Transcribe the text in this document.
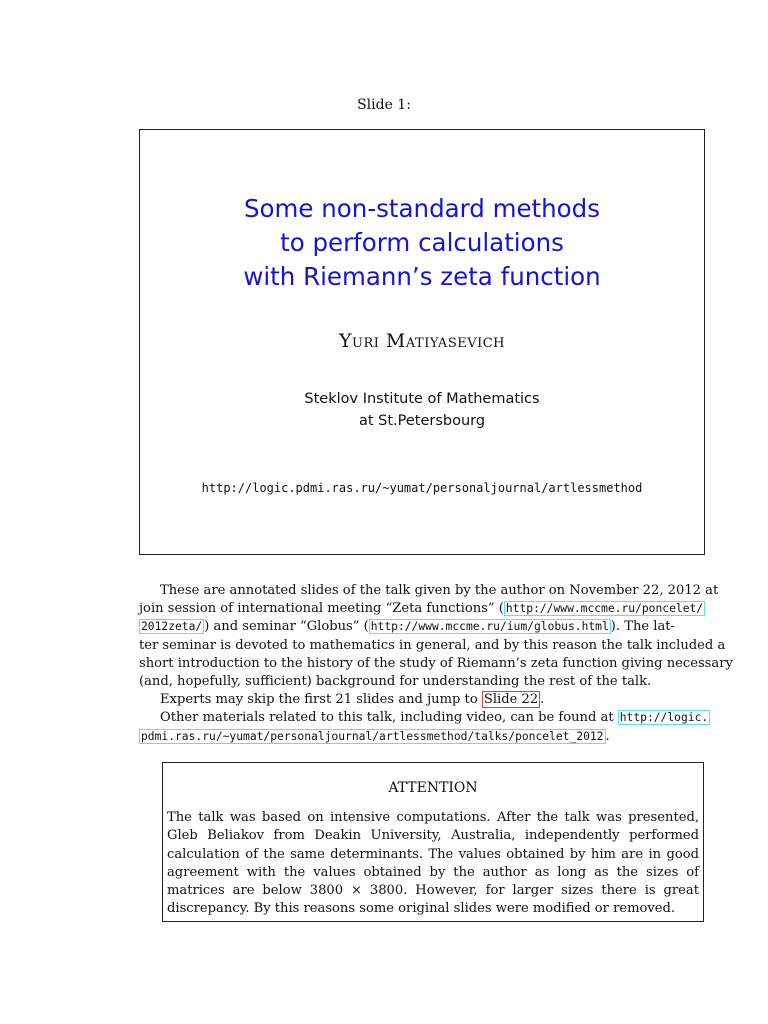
Slide 1:
Some non-standard methods
to perform calculations
with Riemann’s zeta function
Yuri Matiyasevich
Steklov Institute of Mathematics
at St.Petersbourg
http://logic.pdmi.ras.ru/~yumat/personaljournal/artlessmethod

These are annotated slides of the talk given by the author on November 22, 2012 at

join session of international meeting “Zeta functions” ( http://www.mccme.ru/poncelet/

2012zeta/ ) and seminar “Globus” ( http://www.mccme.ru/ium/globus.html ). The lat-

ter seminar is devoted to mathematics in general, and by this reason the talk included a

short introduction to the history of the study of Riemann’s zeta function giving necessary

(and, hopefully, sufficient) background for understanding the rest of the talk.

Experts may skip the first 21 slides and jump to Slide 22 .

Other materials related to this talk, including video, can be found at http://logic.

pdmi.ras.ru/~yumat/personaljournal/artlessmethod/talks/poncelet_2012 .

ATTENTION

The talk was based on intensive computations. After the talk was presented, Gleb Beliakov from Deakin University, Australia, independently performed calculation of the same determinants. The values obtained by him are in good agreement with the values obtained by the author as long as the sizes of matrices are below 3800 × 3800. However, for larger sizes there is great discrepancy. By this reasons some original slides were modified or removed.
